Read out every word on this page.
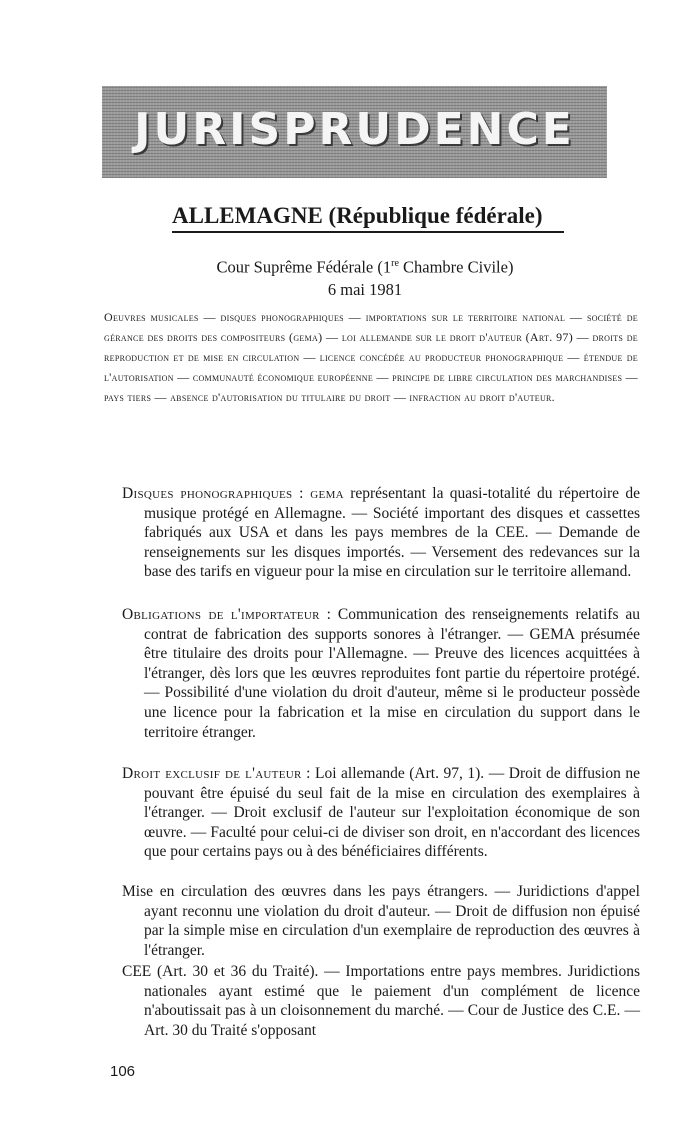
JURISPRUDENCE
ALLEMAGNE (République fédérale)
Cour Suprême Fédérale (1re Chambre Civile)
6 mai 1981
Oeuvres musicales — disques phonographiques — importations sur le territoire national — société de gérance des droits des compositeurs (gema) — loi allemande sur le droit d'auteur (Art. 97) — droits de reproduction et de mise en circulation — licence concédée au producteur phonographique — étendue de l'autorisation — communauté économique européenne — principe de libre circulation des marchandises — pays tiers — absence d'autorisation du titulaire du droit — infraction au droit d'auteur.
Disques phonographiques : gema représentant la quasi-totalité du répertoire de musique protégé en Allemagne. — Société important des disques et cassettes fabriqués aux USA et dans les pays membres de la CEE. — Demande de renseignements sur les disques importés. — Versement des redevances sur la base des tarifs en vigueur pour la mise en circulation sur le territoire allemand.
Obligations de l'importateur : Communication des renseignements relatifs au contrat de fabrication des supports sonores à l'étranger. — GEMA présumée être titulaire des droits pour l'Allemagne. — Preuve des licences acquittées à l'étranger, dès lors que les œuvres reproduites font partie du répertoire protégé. — Possibilité d'une violation du droit d'auteur, même si le producteur possède une licence pour la fabrication et la mise en circulation du support dans le territoire étranger.
Droit exclusif de l'auteur : Loi allemande (Art. 97, 1). — Droit de diffusion ne pouvant être épuisé du seul fait de la mise en circulation des exemplaires à l'étranger. — Droit exclusif de l'auteur sur l'exploitation économique de son œuvre. — Faculté pour celui-ci de diviser son droit, en n'accordant des licences que pour certains pays ou à des bénéficiaires différents.
Mise en circulation des œuvres dans les pays étrangers. — Juridictions d'appel ayant reconnu une violation du droit d'auteur. — Droit de diffusion non épuisé par la simple mise en circulation d'un exemplaire de reproduction des œuvres à l'étranger.
CEE (Art. 30 et 36 du Traité). — Importations entre pays membres. Juridictions nationales ayant estimé que le paiement d'un complément de licence n'aboutissait pas à un cloisonnement du marché. — Cour de Justice des C.E. — Art. 30 du Traité s'opposant
106
